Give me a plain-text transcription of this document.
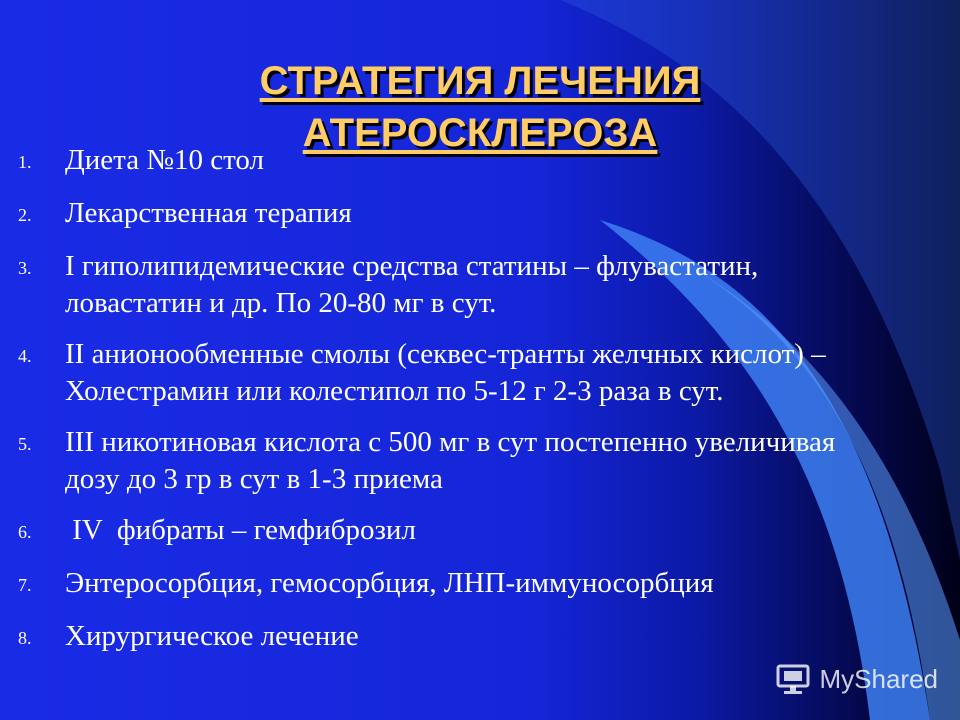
СТРАТЕГИЯ ЛЕЧЕНИЯ
АТЕРОСКЛЕРОЗА
1.	Диета №10 стол
2.	Лекарственная терапия
3.	I гиполипидемические средства статины – флувастатин, ловастатин и др. По 20-80 мг в сут.
4.	II анионообменные смолы (секвес-транты желчных кислот) – Холестрамин или колестипол по 5-12 г 2-3 раза в сут.
5.	III никотиновая кислота с 500 мг в сут постепенно увеличивая дозу до 3 гр в сут в 1-3 приема
6.	IV  фибраты – гемфиброзил
7.	Энтеросорбция, гемосорбция, ЛНП-иммуносорбция
8.	Хирургическое лечение
MyShared
